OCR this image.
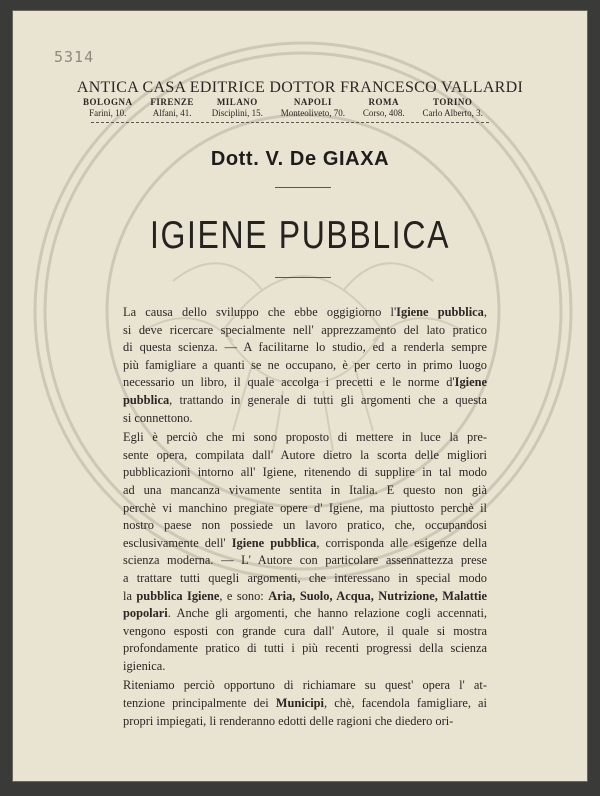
5314
ANTICA CASA EDITRICE DOTTOR FRANCESCO VALLARDI
BOLOGNA
Farini, 10.
FIRENZE
Alfani, 41.
MILANO
Disciplini, 15.
NAPOLI
Monteoliveto, 70.
ROMA
Corso, 408.
TORINO
Carlo Alberto, 3.
Dott. V. De GIAXA
IGIENE PUBBLICA

La causa dello sviluppo che ebbe oggigiorno l'Igiene pubblica,
si deve ricercare specialmente nell' apprezzamento del lato pratico
di questa scienza. — A facilitarne lo studio, ed a renderla sempre
più famigliare a quanti se ne occupano, è per certo in primo luogo
necessario un libro, il quale accolga i precetti e le norme d'Igiene
pubblica, trattando in generale di tutti gli argomenti che a questa
si connettono.

Egli è perciò che mi sono proposto di mettere in luce la pre-
sente opera, compilata dall' Autore dietro la scorta delle migliori
pubblicazioni intorno all' Igiene, ritenendo di supplire in tal modo
ad una mancanza vivamente sentita in Italia. E questo non già
perchè vi manchino pregiate opere d' Igiene, ma piuttosto perchè il
nostro paese non possiede un lavoro pratico, che, occupandosi
esclusivamente dell' Igiene pubblica, corrisponda alle esigenze della
scienza moderna. — L' Autore con particolare assennattezza prese
a trattare tutti quegli argomenti, che interessano in special modo
la pubblica Igiene, e sono: Aria, Suolo, Acqua, Nutrizione, Malattie
popolari. Anche gli argomenti, che hanno relazione cogli accennati,
vengono esposti con grande cura dall' Autore, il quale si mostra
profondamente pratico di tutti i più recenti progressi della scienza
igienica.

Riteniamo perciò opportuno di richiamare su quest' opera l' at-
tenzione principalmente dei Municipi, chè, facendola famigliare, ai
propri impiegati, li renderanno edotti delle ragioni che diedero ori-
